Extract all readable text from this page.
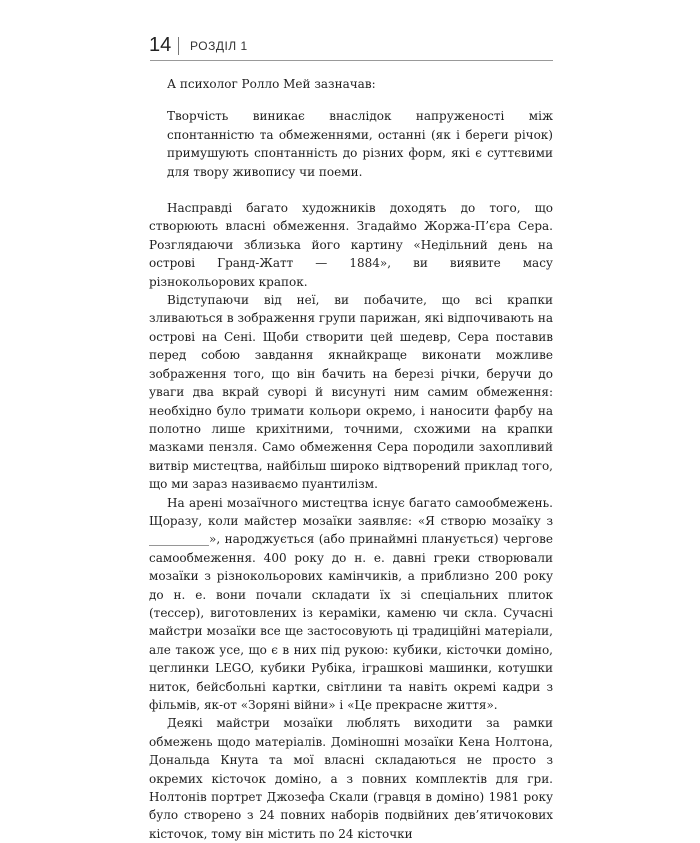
14 РОЗДІЛ 1

А психолог Ролло Мей зазначав:

Творчість виникає внаслідок напруженості між спонтанністю та обмеженнями, останні (як і береги річок) примушують спонтанність до різних форм, які є суттєвими для твору живопису чи поеми.

Насправді багато художників доходять до того, що створюють власні обмеження. Згадаймо Жоржа-П’єра Сера. Розглядаючи зблизька його картину «Недільний день на острові Гранд-Жатт — 1884», ви виявите масу різнокольорових крапок.

Відступаючи від неї, ви побачите, що всі крапки зливаються в зображення групи парижан, які відпочивають на острові на Сені. Щоби створити цей шедевр, Сера поставив перед собою завдання якнайкраще виконати можливе зображення того, що він бачить на березі річки, беручи до уваги два вкрай суворі й висунуті ним самим обмеження: необхідно було тримати кольори окремо, і наносити фарбу на полотно лише крихітними, точними, схожими на крапки мазками пензля. Само обмеження Сера породили захопливий витвір мистецтва, найбільш широко відтворений приклад того, що ми зараз називаємо пуантилізм.

На арені мозаїчного мистецтва існує багато самообмежень. Щоразу, коли майстер мозаїки заявляє: «Я створю мозаїку з __________», народжується (або принаймні планується) чергове самообмеження. 400 року до н. е. давні греки створювали мозаїки з різнокольорових камінчиків, а приблизно 200 року до н. е. вони почали складати їх зі спеціальних плиток (тессер), виготовлених із кераміки, каменю чи скла. Сучасні майстри мозаїки все ще застосовують ці традиційні матеріали, але також усе, що є в них під рукою: кубики, кісточки доміно, цеглинки LEGO, кубики Рубіка, іграшкові машинки, котушки ниток, бейсбольні картки, світлини та навіть окремі кадри з фільмів, як-от «Зоряні війни» і «Це прекрасне життя».

Деякі майстри мозаїки люблять виходити за рамки обмежень щодо матеріалів. Доміношні мозаїки Кена Нолтона, Дональда Кнута та мої власні складаються не просто з окремих кісточок доміно, а з повних комплектів для гри. Нолтонів портрет Джозефа Скали (гравця в доміно) 1981 року було створено з 24 повних наборів подвійних дев’ятичокових кісточок, тому він містить по 24 кісточки
